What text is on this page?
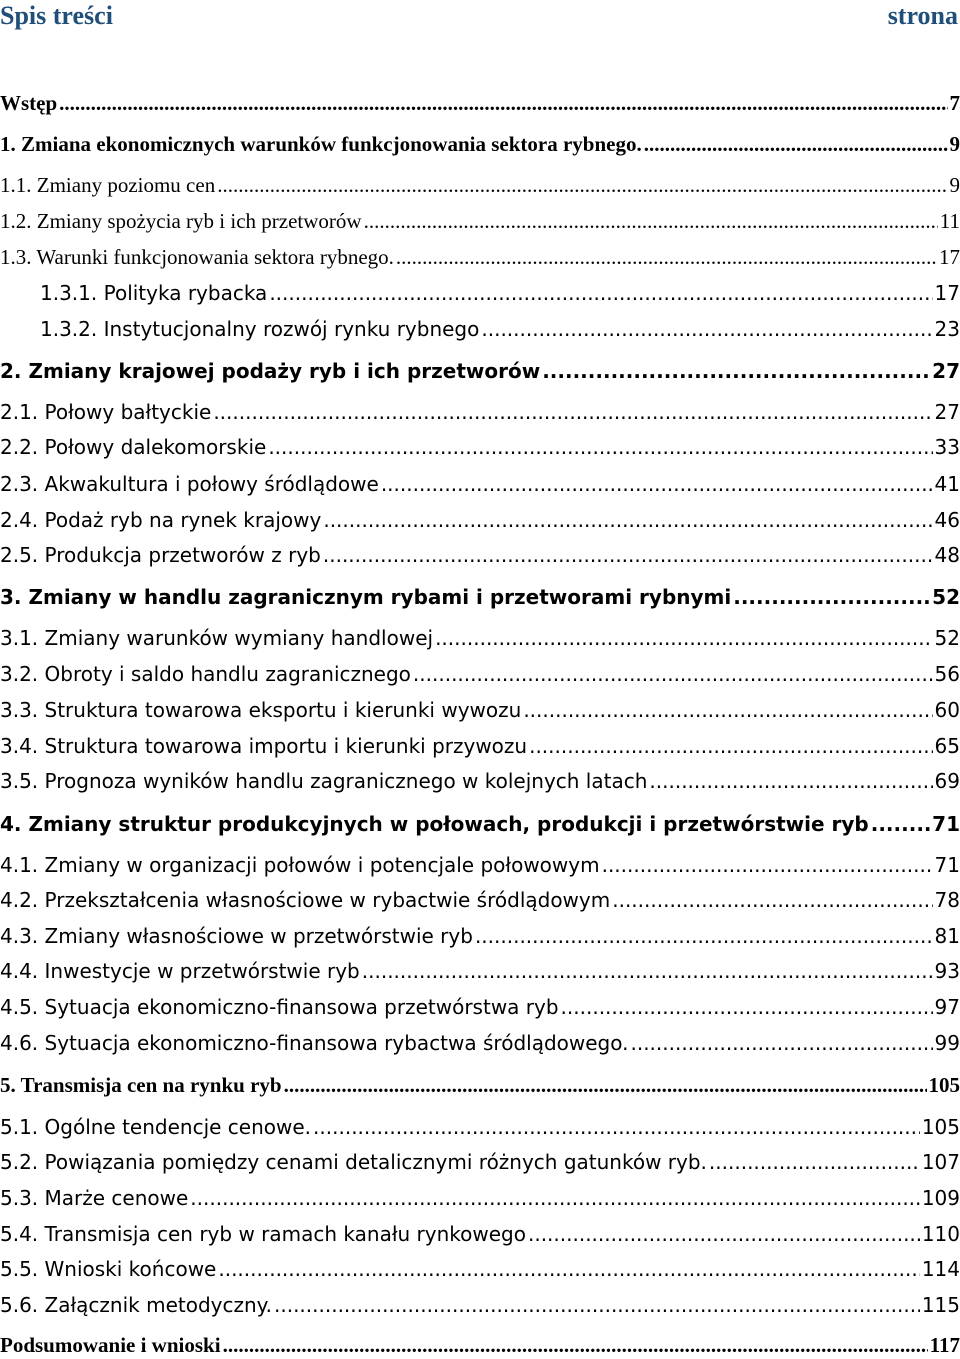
Spis treści	strona
Wstęp .....	7
1. Zmiana ekonomicznych warunków funkcjonowania sektora rybnego. .....	9
1.1. Zmiany poziomu cen .....	9
1.2. Zmiany spożycia ryb i ich przetworów .....	11
1.3. Warunki funkcjonowania sektora rybnego. .....	17
1.3.1. Polityka rybacka .....	17
1.3.2. Instytucjonalny rozwój rynku rybnego .....	23
2. Zmiany krajowej podaży ryb i ich przetworów .....	27
2.1. Połowy bałtyckie .....	27
2.2. Połowy dalekomorskie .....	33
2.3. Akwakultura i połowy śródlądowe .....	41
2.4. Podaż ryb na rynek krajowy .....	46
2.5. Produkcja przetworów z ryb .....	48
3. Zmiany w handlu zagranicznym rybami i przetworami rybnymi .....	52
3.1. Zmiany warunków wymiany handlowej .....	52
3.2. Obroty i saldo handlu zagranicznego .....	56
3.3. Struktura towarowa eksportu i kierunki wywozu .....	60
3.4. Struktura towarowa importu i kierunki przywozu .....	65
3.5. Prognoza wyników handlu zagranicznego w kolejnych latach .....	69
4. Zmiany struktur produkcyjnych w połowach, produkcji i przetwórstwie ryb .....	71
4.1. Zmiany w organizacji połowów i potencjale połowowym .....	71
4.2. Przekształcenia własnościowe w rybactwie śródlądowym .....	78
4.3. Zmiany własnościowe w przetwórstwie ryb .....	81
4.4. Inwestycje w przetwórstwie ryb .....	93
4.5. Sytuacja ekonomiczno-finansowa przetwórstwa ryb .....	97
4.6. Sytuacja ekonomiczno-finansowa rybactwa śródlądowego. .....	99
5. Transmisja cen na rynku ryb .....	105
5.1. Ogólne tendencje cenowe. .....	105
5.2. Powiązania pomiędzy cenami detalicznymi różnych gatunków ryb. .....	107
5.3. Marże cenowe .....	109
5.4. Transmisja cen ryb w ramach kanału rynkowego .....	110
5.5. Wnioski końcowe .....	114
5.6. Załącznik metodyczny. .....	115
Podsumowanie i wnioski .....	117
